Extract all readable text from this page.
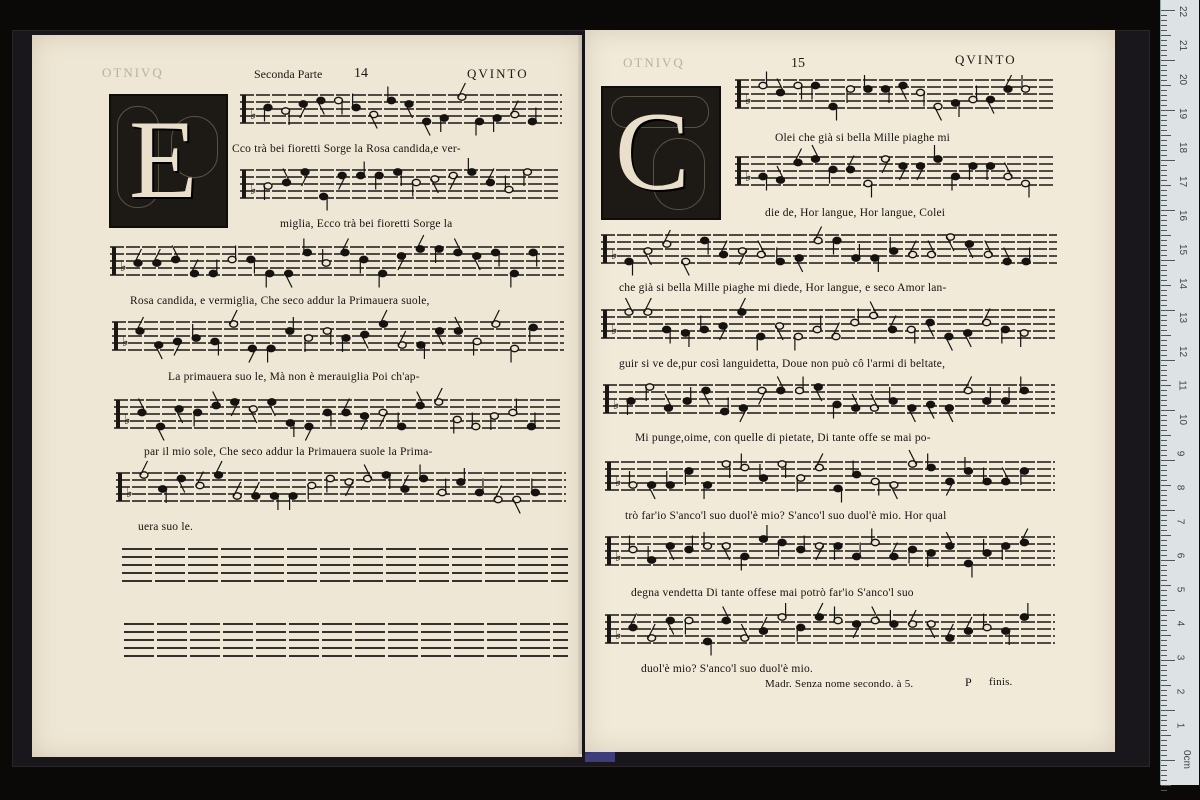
OTNIVQ	Seconda Parte 14	QVINTO
E	♭
Cco trà bei fioretti Sorge la Rosa candida,e ver-
♭
miglia, Ecco trà bei fioretti Sorge la
♭
Rosa candida, e vermiglia, Che seco addur la Primauera suole,
♭
La primauera suo le, Mà non è merauiglia Poi ch'ap-
♭
par il mio sole, Che seco addur la Primauera suole la Prima-
♭
uera suo le.
OTNIVQ	15	QVINTO
C	♭
Olei che già si bella Mille piaghe mi
♭
die de, Hor langue, Hor langue, Colei
♭
che già si bella Mille piaghe mi diede, Hor langue, e seco Amor lan-
♭
guir si ve de,pur così languidetta, Doue non può cô l'armi di beltate,
♭
Mi punge,oime, con quelle di pietate, Di tante offe se mai po-
♭
trò far'io S'anco'l suo duol'è mio? S'anco'l suo duol'è mio. Hor qual
♭
degna vendetta Di tante offese mai potrò far'io S'anco'l suo
♭
duol'è mio? S'anco'l suo duol'è mio.
Madr. Senza nome secondo. à 5.	P finis.
22
21
20
19
18
17
16
15
14
13
12
11
10
9
8
7
6
5
4
3
2
1
0cm
